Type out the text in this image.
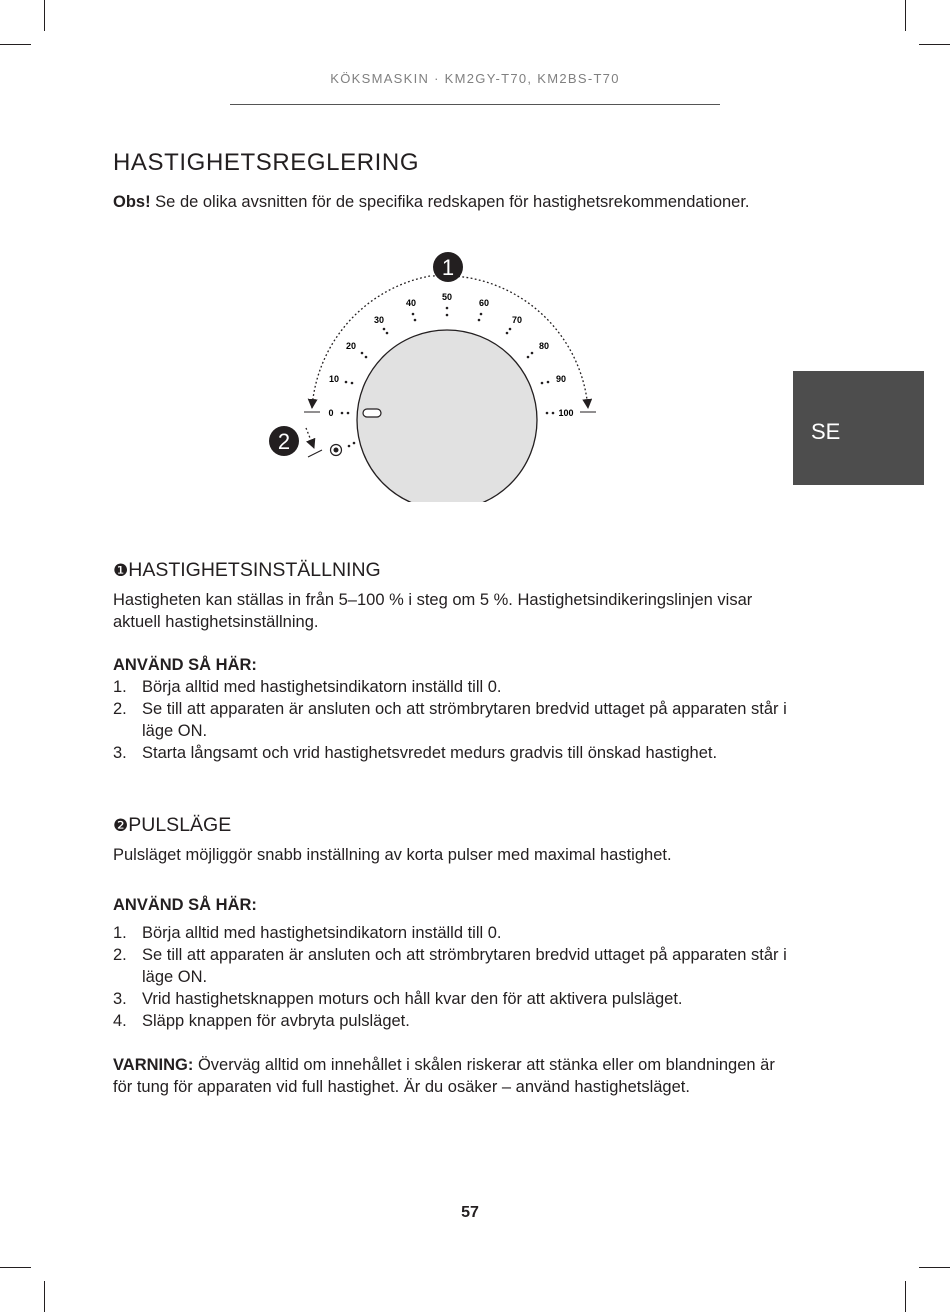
KÖKSMASKIN · KM2GY-T70, KM2BS-T70
SE
HASTIGHETSREGLERING

Obs! Se de olika avsnitten för de specifika redskapen för hastighetsrekommendationer.

0
10
20
30
40
50
60
70
80
90
100
1
2
❶HASTIGHETSINSTÄLLNING

Hastigheten kan ställas in från 5–100 % i steg om 5 %. Hastighetsindikeringslinjen visar aktuell hastighetsinställning.

ANVÄND SÅ HÄR:
1. Börja alltid med hastighetsindikatorn inställd till 0.
2. Se till att apparaten är ansluten och att strömbrytaren bredvid uttaget på apparaten står i läge ON.
3. Starta långsamt och vrid hastighetsvredet medurs gradvis till önskad hastighet.
❷PULSLÄGE

Pulsläget möjliggör snabb inställning av korta pulser med maximal hastighet.

ANVÄND SÅ HÄR:
1. Börja alltid med hastighetsindikatorn inställd till 0.
2. Se till att apparaten är ansluten och att strömbrytaren bredvid uttaget på apparaten står i läge ON.
3. Vrid hastighetsknappen moturs och håll kvar den för att aktivera pulsläget.
4. Släpp knappen för avbryta pulsläget.

VARNING: Överväg alltid om innehållet i skålen riskerar att stänka eller om blandningen är för tung för apparaten vid full hastighet. Är du osäker – använd hastighetsläget.

57
